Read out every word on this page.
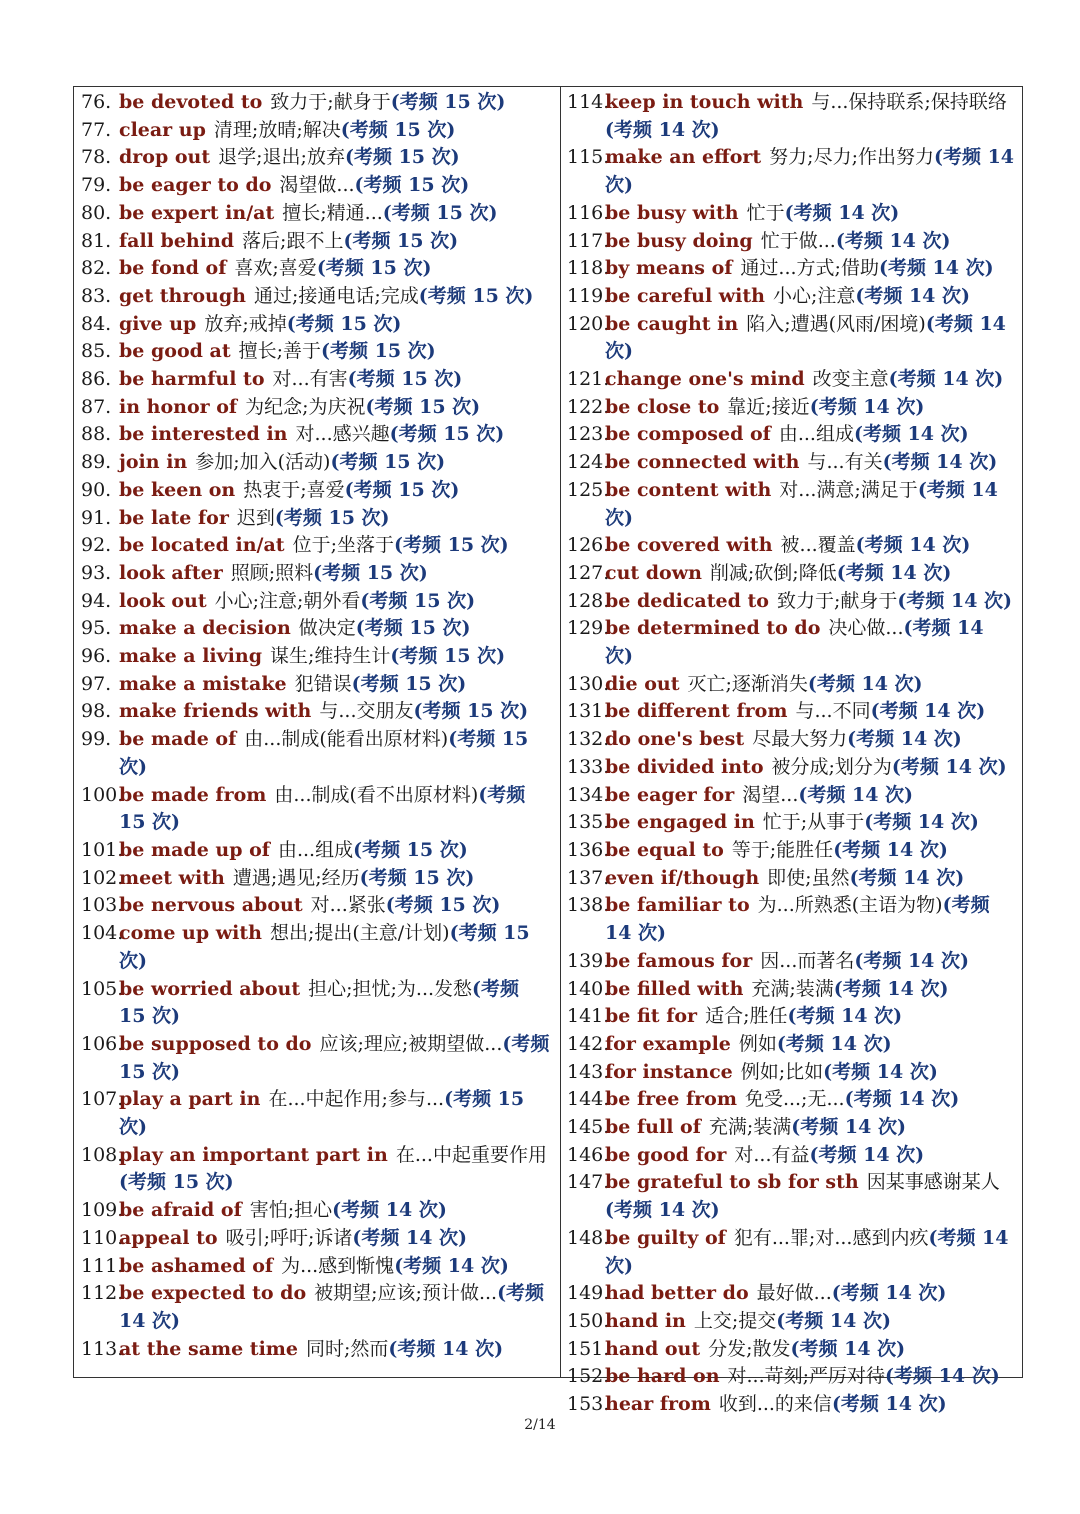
76. be devoted to 致力于;献身于(考频 15 次)
77. clear up 清理;放晴;解决(考频 15 次)
78. drop out 退学;退出;放弃(考频 15 次)
79. be eager to do 渴望做...(考频 15 次)
80. be expert in/at 擅长;精通...(考频 15 次)
81. fall behind 落后;跟不上(考频 15 次)
82. be fond of 喜欢;喜爱(考频 15 次)
83. get through 通过;接通电话;完成(考频 15 次)
84. give up 放弃;戒掉(考频 15 次)
85. be good at 擅长;善于(考频 15 次)
86. be harmful to 对...有害(考频 15 次)
87. in honor of 为纪念;为庆祝(考频 15 次)
88. be interested in 对...感兴趣(考频 15 次)
89. join in 参加;加入(活动)(考频 15 次)
90. be keen on 热衷于;喜爱(考频 15 次)
91. be late for 迟到(考频 15 次)
92. be located in/at 位于;坐落于(考频 15 次)
93. look after 照顾;照料(考频 15 次)
94. look out 小心;注意;朝外看(考频 15 次)
95. make a decision 做决定(考频 15 次)
96. make a living 谋生;维持生计(考频 15 次)
97. make a mistake 犯错误(考频 15 次)
98. make friends with 与...交朋友(考频 15 次)
99. be made of 由...制成(能看出原材料)(考频 15 次)
100.
be made from 由...制成(看不出原材料)(考频 15 次)
101.
be made up of 由...组成(考频 15 次)
102.
meet with 遭遇;遇见;经历(考频 15 次)
103.
be nervous about 对...紧张(考频 15 次)
104.
come up with 想出;提出(主意/计划)(考频 15 次)
105.
be worried about 担心;担忧;为...发愁(考频 15 次)
106.
be supposed to do 应该;理应;被期望做...(考频 15 次)
107.
play a part in 在...中起作用;参与...(考频 15 次)
108.
play an important part in 在...中起重要作用(考频 15 次)
109.
be afraid of 害怕;担心(考频 14 次)
110.
appeal to 吸引;呼吁;诉诸(考频 14 次)
111.
be ashamed of 为...感到惭愧(考频 14 次)
112.
be expected to do 被期望;应该;预计做...(考频 14 次)
113.
at the same time 同时;然而(考频 14 次)
114.
keep in touch with 与...保持联系;保持联络(考频 14 次)
115.
make an effort 努力;尽力;作出努力(考频 14 次)
116.
be busy with 忙于(考频 14 次)
117.
be busy doing 忙于做...(考频 14 次)
118.
by means of 通过...方式;借助(考频 14 次)
119.
be careful with 小心;注意(考频 14 次)
120.
be caught in 陷入;遭遇(风雨/困境)(考频 14 次)
121.
change one's mind 改变主意(考频 14 次)
122.
be close to 靠近;接近(考频 14 次)
123.
be composed of 由...组成(考频 14 次)
124.
be connected with 与...有关(考频 14 次)
125.
be content with 对...满意;满足于(考频 14 次)
126.
be covered with 被...覆盖(考频 14 次)
127.
cut down 削减;砍倒;降低(考频 14 次)
128.
be dedicated to 致力于;献身于(考频 14 次)
129.
be determined to do 决心做...(考频 14 次)
130.
die out 灭亡;逐渐消失(考频 14 次)
131.
be different from 与...不同(考频 14 次)
132.
do one's best 尽最大努力(考频 14 次)
133.
be divided into 被分成;划分为(考频 14 次)
134.
be eager for 渴望...(考频 14 次)
135.
be engaged in 忙于;从事于(考频 14 次)
136.
be equal to 等于;能胜任(考频 14 次)
137.
even if/though 即使;虽然(考频 14 次)
138.
be familiar to 为...所熟悉(主语为物)(考频 14 次)
139.
be famous for 因...而著名(考频 14 次)
140.
be filled with 充满;装满(考频 14 次)
141.
be fit for 适合;胜任(考频 14 次)
142.
for example 例如(考频 14 次)
143.
for instance 例如;比如(考频 14 次)
144.
be free from 免受...;无...(考频 14 次)
145.
be full of 充满;装满(考频 14 次)
146.
be good for 对...有益(考频 14 次)
147.
be grateful to sb for sth 因某事感谢某人(考频 14 次)
148.
be guilty of 犯有...罪;对...感到内疚(考频 14 次)
149.
had better do 最好做...(考频 14 次)
150.
hand in 上交;提交(考频 14 次)
151.
hand out 分发;散发(考频 14 次)
152.
be hard on 对...苛刻;严厉对待(考频 14 次)
153.
hear from 收到...的来信(考频 14 次)
2/14
